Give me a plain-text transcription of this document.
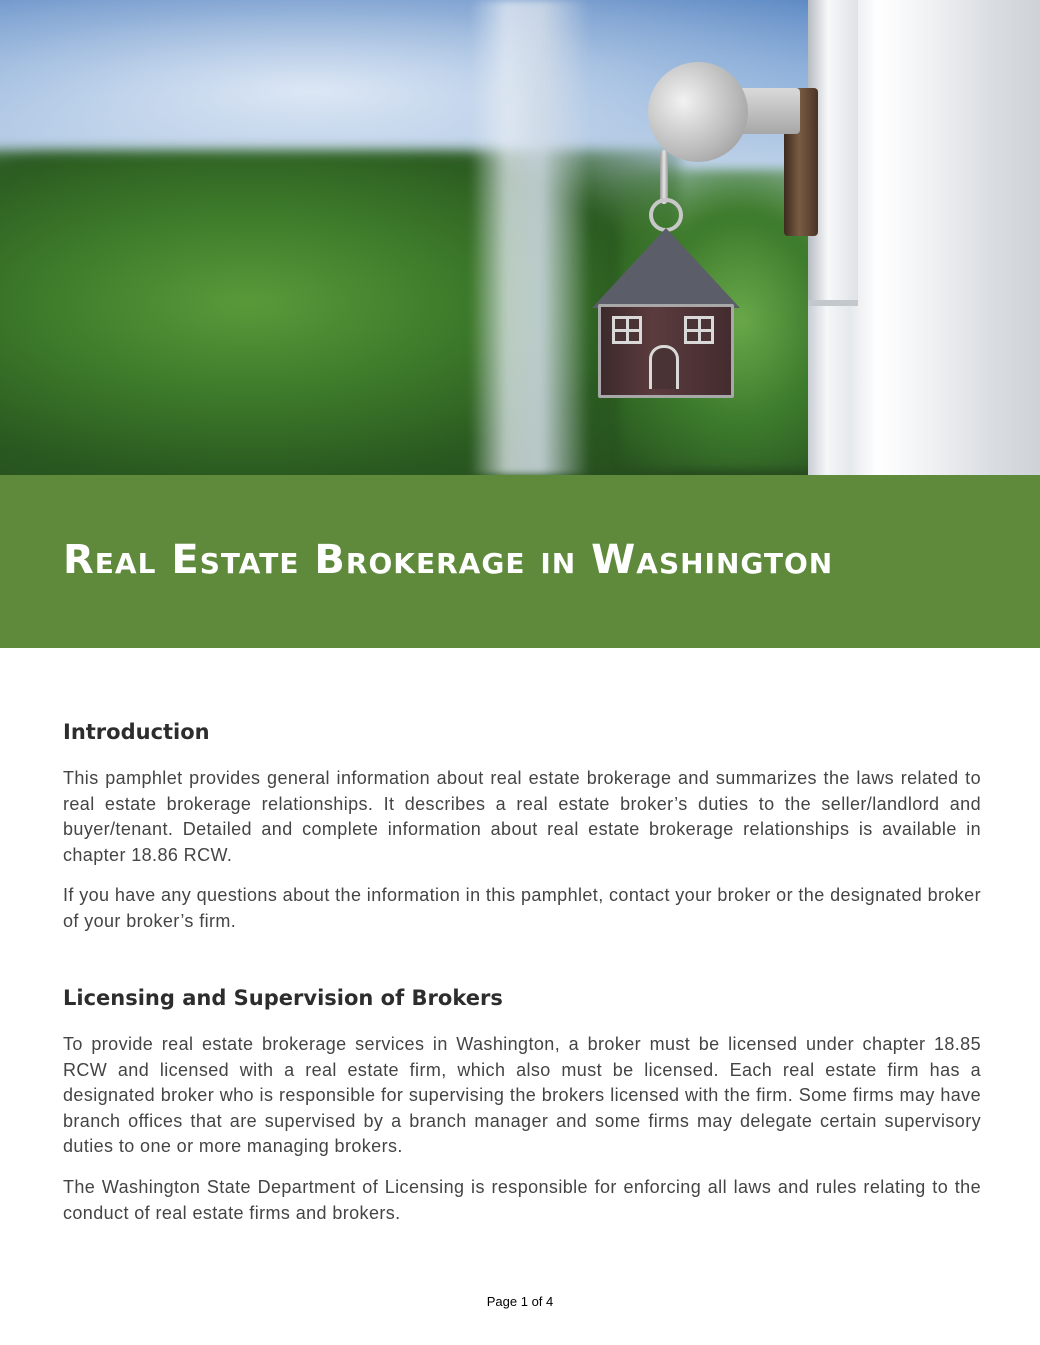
Real Estate Brokerage in Washington
Introduction

This pamphlet provides general information about real estate brokerage and summarizes the laws related to real estate brokerage relationships. It describes a real estate broker’s duties to the seller/landlord and buyer/tenant. Detailed and complete information about real estate brokerage relationships is available in chapter 18.86 RCW.

If you have any questions about the information in this pamphlet, contact your broker or the designated broker of your broker’s firm.

Licensing and Supervision of Brokers

To provide real estate brokerage services in Washington, a broker must be licensed under chapter 18.85 RCW and licensed with a real estate firm, which also must be licensed. Each real estate firm has a designated broker who is responsible for supervising the brokers licensed with the firm. Some firms may have branch offices that are supervised by a branch manager and some firms may delegate certain supervisory duties to one or more managing brokers.

The Washington State Department of Licensing is responsible for enforcing all laws and rules relating to the conduct of real estate firms and brokers.

Page 1 of 4
